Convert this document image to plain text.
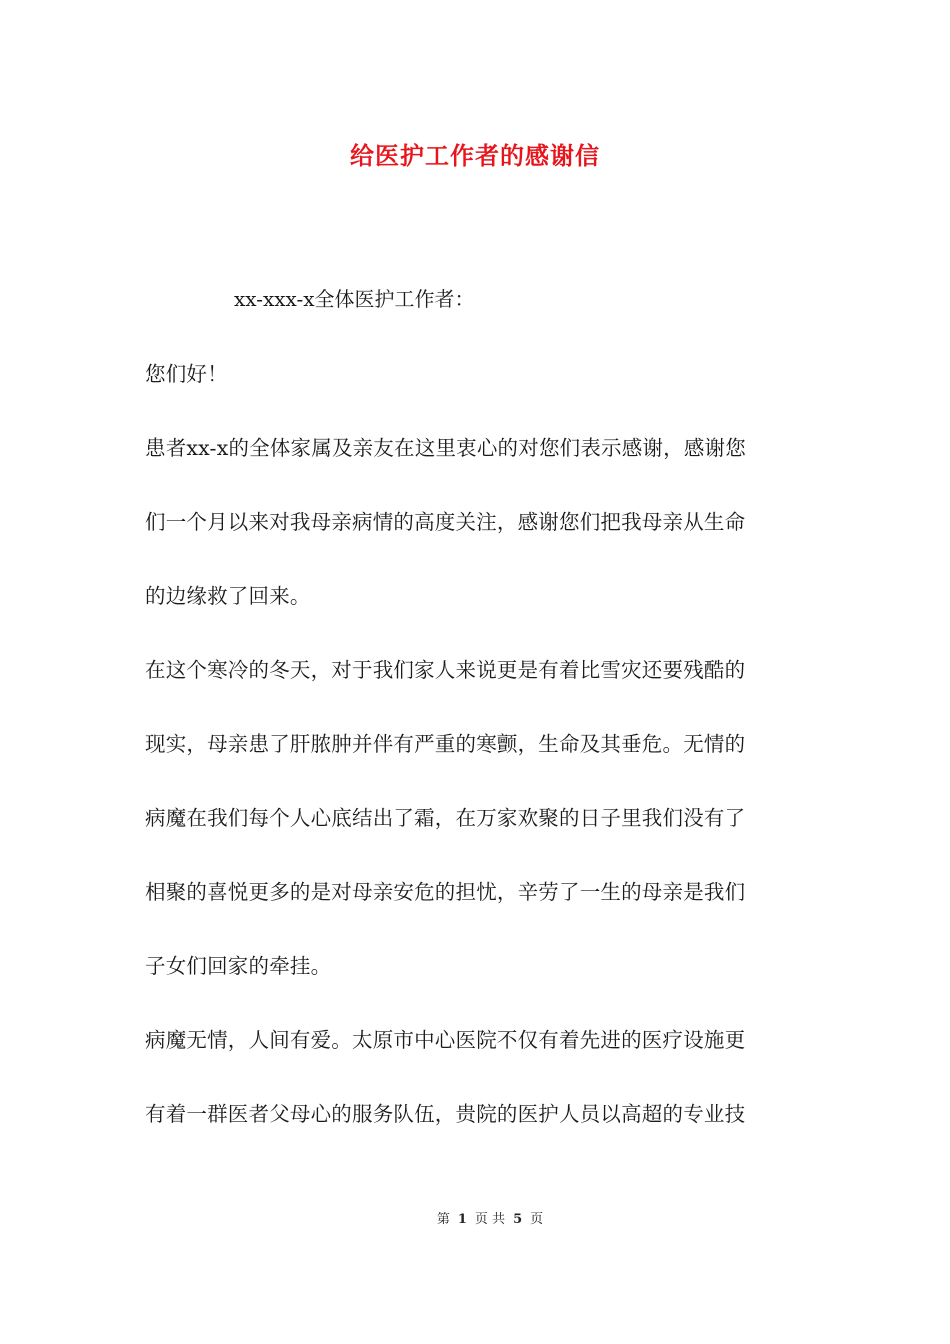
给医护工作者的感谢信
xx-xxx-x全体医护工作者：
您们好！
患者xx-x的全体家属及亲友在这里衷心的对您们表示感谢，感谢您
们一个月以来对我母亲病情的高度关注，感谢您们把我母亲从生命
的边缘救了回来。
在这个寒冷的冬天，对于我们家人来说更是有着比雪灾还要残酷的
现实，母亲患了肝脓肿并伴有严重的寒颤，生命及其垂危。无情的
病魔在我们每个人心底结出了霜，在万家欢聚的日子里我们没有了
相聚的喜悦更多的是对母亲安危的担忧，辛劳了一生的母亲是我们
子女们回家的牵挂。
病魔无情，人间有爱。太原市中心医院不仅有着先进的医疗设施更
有着一群医者父母心的服务队伍，贵院的医护人员以高超的专业技
第 1 页 共 5 页
